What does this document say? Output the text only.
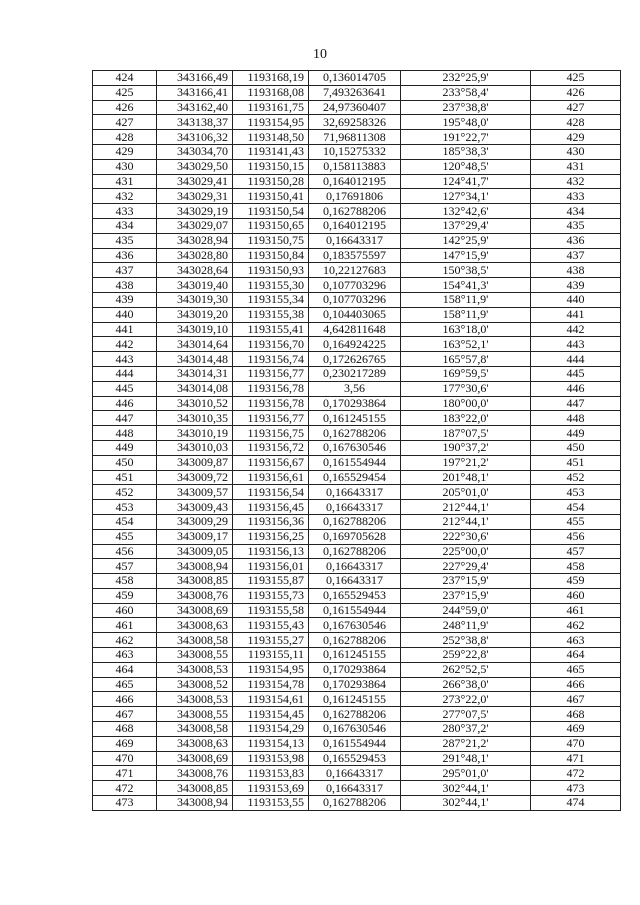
10
424	343166,49	1193168,19	0,136014705	232°25,9'	425
425	343166,41	1193168,08	7,493263641	233°58,4'	426
426	343162,40	1193161,75	24,97360407	237°38,8'	427
427	343138,37	1193154,95	32,69258326	195°48,0'	428
428	343106,32	1193148,50	71,96811308	191°22,7'	429
429	343034,70	1193141,43	10,15275332	185°38,3'	430
430	343029,50	1193150,15	0,158113883	120°48,5'	431
431	343029,41	1193150,28	0,164012195	124°41,7'	432
432	343029,31	1193150,41	0,17691806	127°34,1'	433
433	343029,19	1193150,54	0,162788206	132°42,6'	434
434	343029,07	1193150,65	0,164012195	137°29,4'	435
435	343028,94	1193150,75	0,16643317	142°25,9'	436
436	343028,80	1193150,84	0,183575597	147°15,9'	437
437	343028,64	1193150,93	10,22127683	150°38,5'	438
438	343019,40	1193155,30	0,107703296	154°41,3'	439
439	343019,30	1193155,34	0,107703296	158°11,9'	440
440	343019,20	1193155,38	0,104403065	158°11,9'	441
441	343019,10	1193155,41	4,642811648	163°18,0'	442
442	343014,64	1193156,70	0,164924225	163°52,1'	443
443	343014,48	1193156,74	0,172626765	165°57,8'	444
444	343014,31	1193156,77	0,230217289	169°59,5'	445
445	343014,08	1193156,78	3,56	177°30,6'	446
446	343010,52	1193156,78	0,170293864	180°00,0'	447
447	343010,35	1193156,77	0,161245155	183°22,0'	448
448	343010,19	1193156,75	0,162788206	187°07,5'	449
449	343010,03	1193156,72	0,167630546	190°37,2'	450
450	343009,87	1193156,67	0,161554944	197°21,2'	451
451	343009,72	1193156,61	0,165529454	201°48,1'	452
452	343009,57	1193156,54	0,16643317	205°01,0'	453
453	343009,43	1193156,45	0,16643317	212°44,1'	454
454	343009,29	1193156,36	0,162788206	212°44,1'	455
455	343009,17	1193156,25	0,169705628	222°30,6'	456
456	343009,05	1193156,13	0,162788206	225°00,0'	457
457	343008,94	1193156,01	0,16643317	227°29,4'	458
458	343008,85	1193155,87	0,16643317	237°15,9'	459
459	343008,76	1193155,73	0,165529453	237°15,9'	460
460	343008,69	1193155,58	0,161554944	244°59,0'	461
461	343008,63	1193155,43	0,167630546	248°11,9'	462
462	343008,58	1193155,27	0,162788206	252°38,8'	463
463	343008,55	1193155,11	0,161245155	259°22,8'	464
464	343008,53	1193154,95	0,170293864	262°52,5'	465
465	343008,52	1193154,78	0,170293864	266°38,0'	466
466	343008,53	1193154,61	0,161245155	273°22,0'	467
467	343008,55	1193154,45	0,162788206	277°07,5'	468
468	343008,58	1193154,29	0,167630546	280°37,2'	469
469	343008,63	1193154,13	0,161554944	287°21,2'	470
470	343008,69	1193153,98	0,165529453	291°48,1'	471
471	343008,76	1193153,83	0,16643317	295°01,0'	472
472	343008,85	1193153,69	0,16643317	302°44,1'	473
473	343008,94	1193153,55	0,162788206	302°44,1'	474
